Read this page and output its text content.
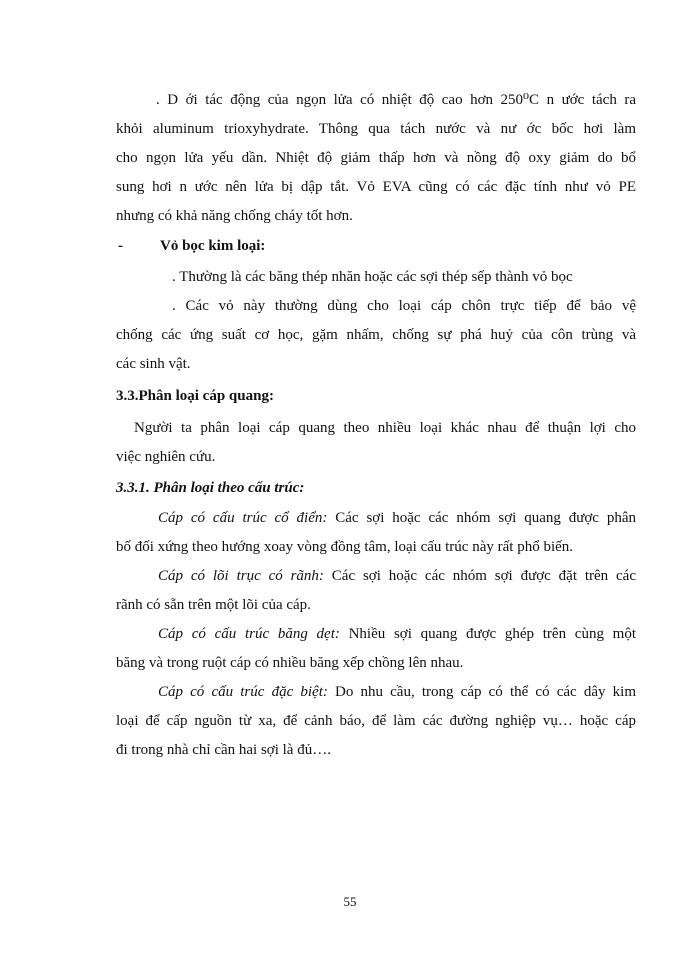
. D ới tác động của ngọn lửa có nhiệt độ cao hơn 250⁰C n ước tách ra
khỏi aluminum trioxyhydrate. Thông qua tách nước và nư ớc bốc hơi làm
cho ngọn lửa yếu dần. Nhiệt độ giảm thấp hơn và nồng độ oxy giảm do bổ
sung hơi n ước nên lửa bị dập tắt. Vỏ EVA cũng có các đặc tính như vỏ PE
nhưng có khả năng chống cháy tốt hơn.
- Vỏ bọc kim loại:
. Thường là các băng thép nhăn hoặc các sợi thép sếp thành vỏ bọc
. Các vỏ này thường dùng cho loại cáp chôn trực tiếp để bảo vệ
chống các ứng suất cơ học, gặm nhấm, chống sự phá huỷ của côn trùng và
các sinh vật.
3.3.Phân loại cáp quang:
Người ta phân loại cáp quang theo nhiều loại khác nhau để thuận lợi cho
việc nghiên cứu.
3.3.1. Phân loại theo cấu trúc:
Cáp có cấu trúc cổ điển: Các sợi hoặc các nhóm sợi quang được phân
bố đối xứng theo hướng xoay vòng đồng tâm, loại cấu trúc này rất phổ biến.
Cáp có lõi trục có rãnh: Các sợi hoặc các nhóm sợi được đặt trên các
rãnh có sẵn trên một lõi của cáp.
Cáp có cấu trúc băng dẹt: Nhiều sợi quang được ghép trên cùng một
băng và trong ruột cáp có nhiều băng xếp chồng lên nhau.
Cáp có cấu trúc đặc biệt: Do nhu cầu, trong cáp có thể có các dây kim
loại để cấp nguồn từ xa, để cảnh báo, để làm các đường nghiệp vụ… hoặc cáp
đi trong nhà chỉ cần hai sợi là đủ….
55
